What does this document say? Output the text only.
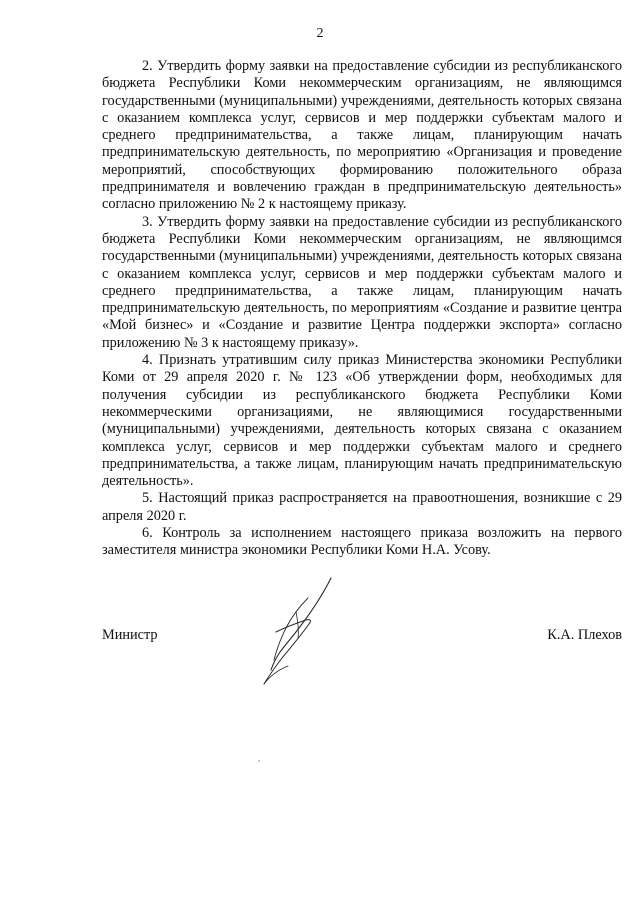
2

2. Утвердить форму заявки на предоставление субсидии из республиканского бюджета Республики Коми некоммерческим организациям, не являющимся государственными (муниципальными) учреждениями, деятельность которых связана с оказанием комплекса услуг, сервисов и мер поддержки субъектам малого и среднего предпринимательства, а также лицам, планирующим начать предпринимательскую деятельность, по мероприятию «Организация и проведение мероприятий, способствующих формированию положительного образа предпринимателя и вовлечению граждан в предпринимательскую деятельность» согласно приложению № 2 к настоящему приказу.

3. Утвердить форму заявки на предоставление субсидии из республиканского бюджета Республики Коми некоммерческим организациям, не являющимся государственными (муниципальными) учреждениями, деятельность которых связана с оказанием комплекса услуг, сервисов и мер поддержки субъектам малого и среднего предпринимательства, а также лицам, планирующим начать предпринимательскую деятельность, по мероприятиям «Создание и развитие центра «Мой бизнес» и «Создание и развитие Центра поддержки экспорта» согласно приложению № 3 к настоящему приказу».

4. Признать утратившим силу приказ Министерства экономики Республики Коми от 29 апреля 2020 г. № 123 «Об утверждении форм, необходимых для получения субсидии из республиканского бюджета Республики Коми некоммерческими организациями, не являющимися государственными (муниципальными) учреждениями, деятельность которых связана с оказанием комплекса услуг, сервисов и мер поддержки субъектам малого и среднего предпринимательства, а также лицам, планирующим начать предпринимательскую деятельность».

5. Настоящий приказ распространяется на правоотношения, возникшие с 29 апреля 2020 г.

6. Контроль за исполнением настоящего приказа возложить на первого заместителя министра экономики Республики Коми Н.А. Усову.

Министр	К.А. Плехов
